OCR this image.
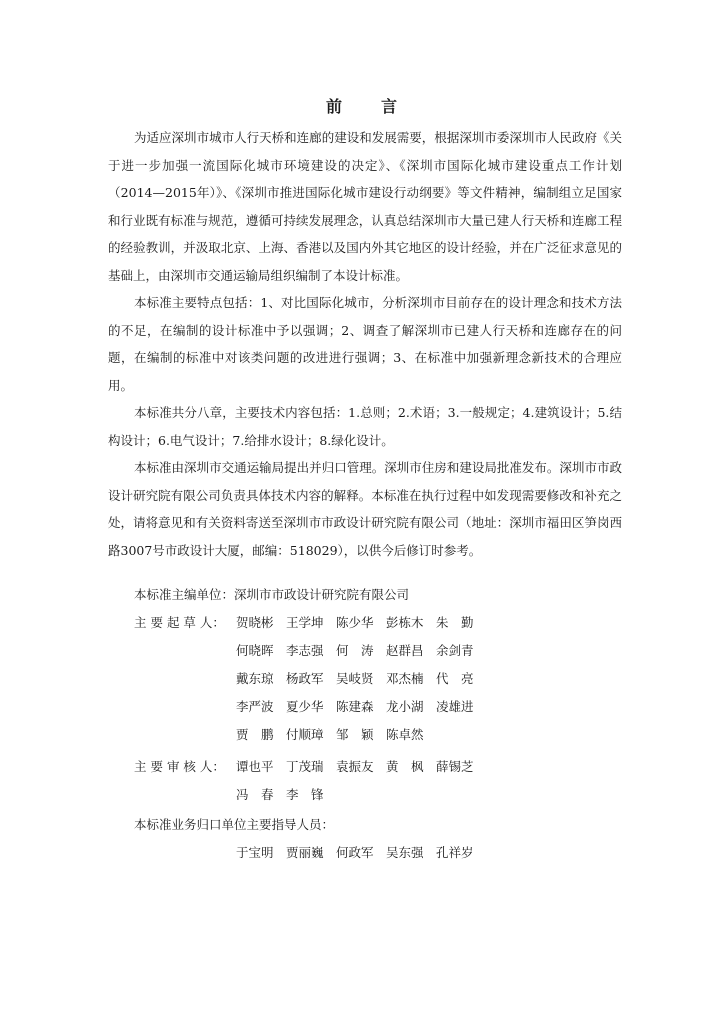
前 言

为适应深圳市城市人行天桥和连廊的建设和发展需要，根据深圳市委深圳市人民政府《关于进一步加强一流国际化城市环境建设的决定》、《深圳市国际化城市建设重点工作计划（2014—2015年）》、《深圳市推进国际化城市建设行动纲要》等文件精神，编制组立足国家和行业既有标准与规范，遵循可持续发展理念，认真总结深圳市大量已建人行天桥和连廊工程的经验教训，并汲取北京、上海、香港以及国内外其它地区的设计经验，并在广泛征求意见的基础上，由深圳市交通运输局组织编制了本设计标准。

本标准主要特点包括：1、对比国际化城市，分析深圳市目前存在的设计理念和技术方法的不足，在编制的设计标准中予以强调；2、调查了解深圳市已建人行天桥和连廊存在的问题，在编制的标准中对该类问题的改进进行强调；3、在标准中加强新理念新技术的合理应用。

本标准共分八章，主要技术内容包括：1.总则；2.术语；3.一般规定；4.建筑设计；5.结构设计；6.电气设计；7.给排水设计；8.绿化设计。

本标准由深圳市交通运输局提出并归口管理。深圳市住房和建设局批准发布。深圳市市政设计研究院有限公司负责具体技术内容的解释。本标准在执行过程中如发现需要修改和补充之处，请将意见和有关资料寄送至深圳市市政设计研究院有限公司（地址：深圳市福田区笋岗西路3007号市政设计大厦，邮编：518029），以供今后修订时参考。

本标准主编单位：深圳市市政设计研究院有限公司
主 要 起 草 人： 贺晓彬　王学坤　陈少华　彭栋木　朱　勤
何晓晖　李志强　何　涛　赵群昌　余剑青
戴东琼　杨政军　吴岐贤　邓杰楠　代　亮
李严波　夏少华　陈建森　龙小湖　凌雄进
贾　鹏　付顺璋　邹　颖　陈卓然
主 要 审 核 人： 谭也平　丁茂瑞　袁振友　黄　枫　薛锡芝
冯　春　李　锋
本标准业务归口单位主要指导人员：
于宝明　贾丽巍　何政军　吴东强　孔祥岁
